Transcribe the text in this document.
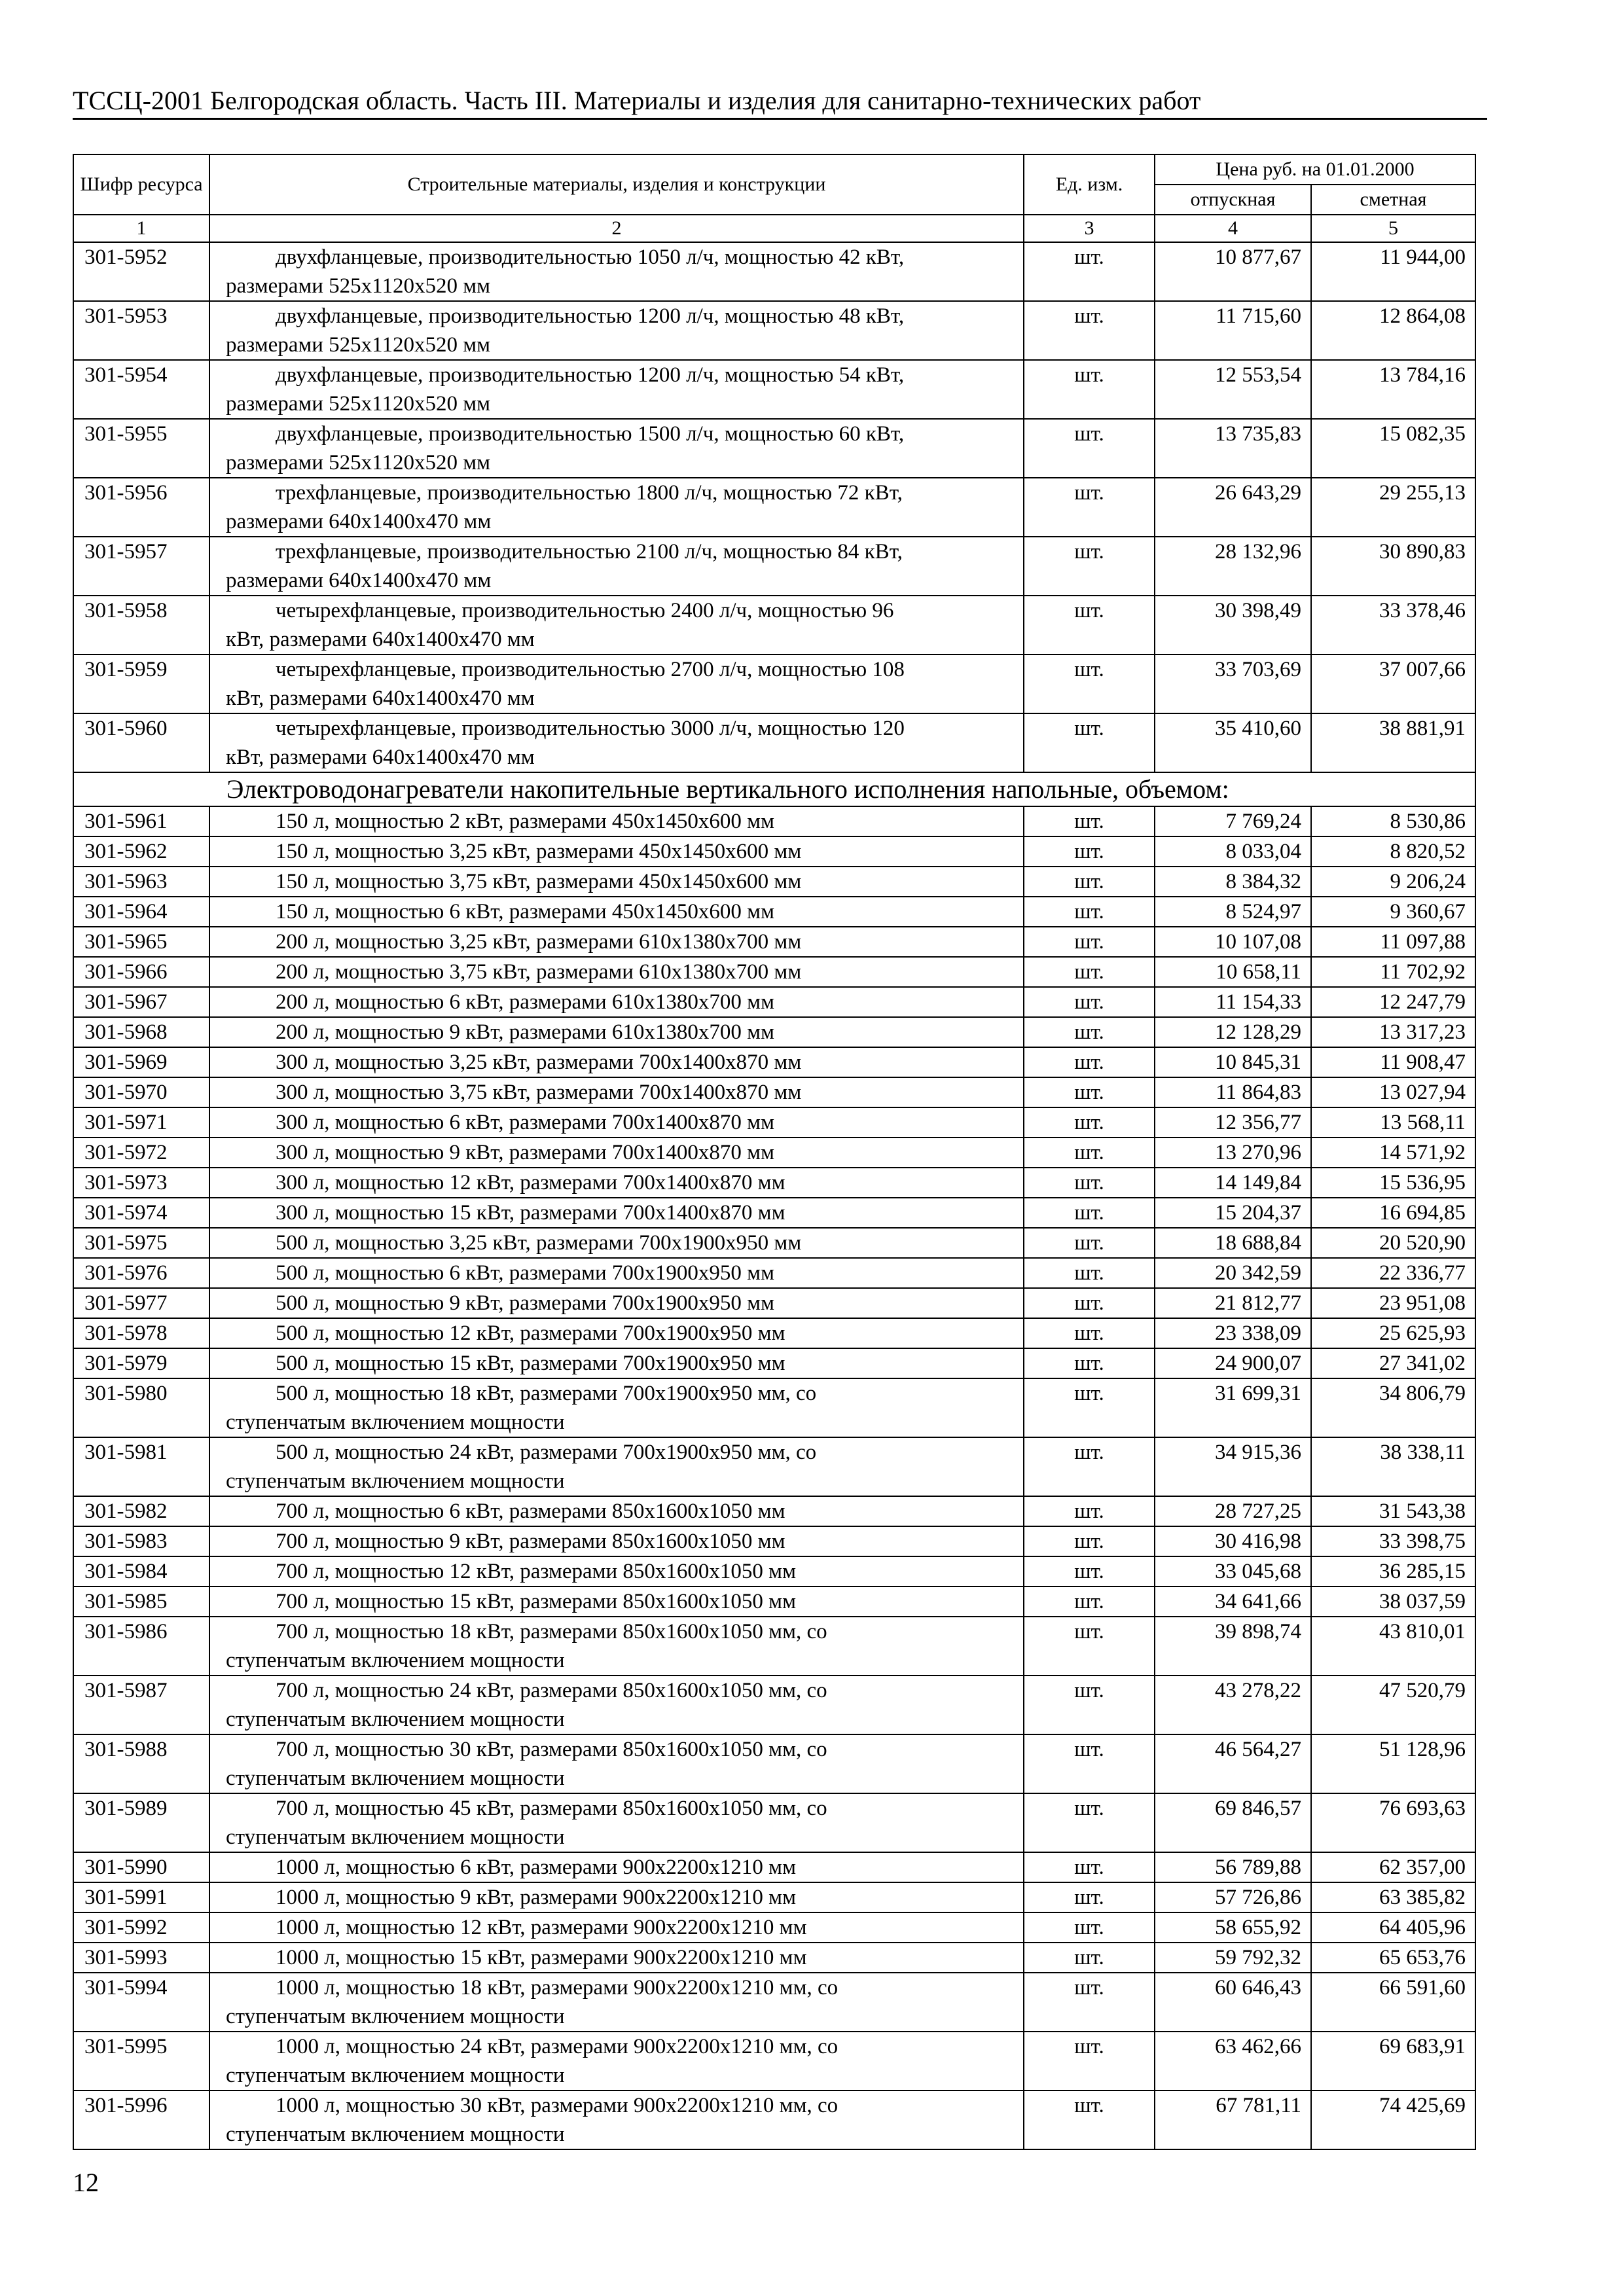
ТССЦ-2001 Белгородская область. Часть III. Материалы и изделия для санитарно-технических работ
Шифр ресурса	Строительные материалы, изделия и конструкции	Ед. изм.	Цена руб. на 01.01.2000	
			отпускная	сметная
1	2	3	4	5
301-5952	двухфланцевые, производительностью 1050 л/ч, мощностью 42 кВт,
размерами 525х1120х520 мм	шт.	10 877,67	11 944,00
301-5953	двухфланцевые, производительностью 1200 л/ч, мощностью 48 кВт,
размерами 525х1120х520 мм	шт.	11 715,60	12 864,08
301-5954	двухфланцевые, производительностью 1200 л/ч, мощностью 54 кВт,
размерами 525х1120х520 мм	шт.	12 553,54	13 784,16
301-5955	двухфланцевые, производительностью 1500 л/ч, мощностью 60 кВт,
размерами 525х1120х520 мм	шт.	13 735,83	15 082,35
301-5956	трехфланцевые, производительностью 1800 л/ч, мощностью 72 кВт,
размерами 640х1400х470 мм	шт.	26 643,29	29 255,13
301-5957	трехфланцевые, производительностью 2100 л/ч, мощностью 84 кВт,
размерами 640х1400х470 мм	шт.	28 132,96	30 890,83
301-5958	четырехфланцевые, производительностью 2400 л/ч, мощностью 96
кВт, размерами 640х1400х470 мм	шт.	30 398,49	33 378,46
301-5959	четырехфланцевые, производительностью 2700 л/ч, мощностью 108
кВт, размерами 640х1400х470 мм	шт.	33 703,69	37 007,66
301-5960	четырехфланцевые, производительностью 3000 л/ч, мощностью 120
кВт, размерами 640х1400х470 мм	шт.	35 410,60	38 881,91
Электроводонагреватели накопительные вертикального исполнения напольные, объемом:				
301-5961	150 л, мощностью 2 кВт, размерами 450х1450х600 мм	шт.	7 769,24	8 530,86
301-5962	150 л, мощностью 3,25 кВт, размерами 450х1450х600 мм	шт.	8 033,04	8 820,52
301-5963	150 л, мощностью 3,75 кВт, размерами 450х1450х600 мм	шт.	8 384,32	9 206,24
301-5964	150 л, мощностью 6 кВт, размерами 450х1450х600 мм	шт.	8 524,97	9 360,67
301-5965	200 л, мощностью 3,25 кВт, размерами 610х1380х700 мм	шт.	10 107,08	11 097,88
301-5966	200 л, мощностью 3,75 кВт, размерами 610х1380х700 мм	шт.	10 658,11	11 702,92
301-5967	200 л, мощностью 6 кВт, размерами 610х1380х700 мм	шт.	11 154,33	12 247,79
301-5968	200 л, мощностью 9 кВт, размерами 610х1380х700 мм	шт.	12 128,29	13 317,23
301-5969	300 л, мощностью 3,25 кВт, размерами 700х1400х870 мм	шт.	10 845,31	11 908,47
301-5970	300 л, мощностью 3,75 кВт, размерами 700х1400х870 мм	шт.	11 864,83	13 027,94
301-5971	300 л, мощностью 6 кВт, размерами 700х1400х870 мм	шт.	12 356,77	13 568,11
301-5972	300 л, мощностью 9 кВт, размерами 700х1400х870 мм	шт.	13 270,96	14 571,92
301-5973	300 л, мощностью 12 кВт, размерами 700х1400х870 мм	шт.	14 149,84	15 536,95
301-5974	300 л, мощностью 15 кВт, размерами 700х1400х870 мм	шт.	15 204,37	16 694,85
301-5975	500 л, мощностью 3,25 кВт, размерами 700х1900х950 мм	шт.	18 688,84	20 520,90
301-5976	500 л, мощностью 6 кВт, размерами 700х1900х950 мм	шт.	20 342,59	22 336,77
301-5977	500 л, мощностью 9 кВт, размерами 700х1900х950 мм	шт.	21 812,77	23 951,08
301-5978	500 л, мощностью 12 кВт, размерами 700х1900х950 мм	шт.	23 338,09	25 625,93
301-5979	500 л, мощностью 15 кВт, размерами 700х1900х950 мм	шт.	24 900,07	27 341,02
301-5980	500 л, мощностью 18 кВт, размерами 700х1900х950 мм, со
ступенчатым включением мощности	шт.	31 699,31	34 806,79
301-5981	500 л, мощностью 24 кВт, размерами 700х1900х950 мм, со
ступенчатым включением мощности	шт.	34 915,36	38 338,11
301-5982	700 л, мощностью 6 кВт, размерами 850х1600х1050 мм	шт.	28 727,25	31 543,38
301-5983	700 л, мощностью 9 кВт, размерами 850х1600х1050 мм	шт.	30 416,98	33 398,75
301-5984	700 л, мощностью 12 кВт, размерами 850х1600х1050 мм	шт.	33 045,68	36 285,15
301-5985	700 л, мощностью 15 кВт, размерами 850х1600х1050 мм	шт.	34 641,66	38 037,59
301-5986	700 л, мощностью 18 кВт, размерами 850х1600х1050 мм, со
ступенчатым включением мощности	шт.	39 898,74	43 810,01
301-5987	700 л, мощностью 24 кВт, размерами 850х1600х1050 мм, со
ступенчатым включением мощности	шт.	43 278,22	47 520,79
301-5988	700 л, мощностью 30 кВт, размерами 850х1600х1050 мм, со
ступенчатым включением мощности	шт.	46 564,27	51 128,96
301-5989	700 л, мощностью 45 кВт, размерами 850х1600х1050 мм, со
ступенчатым включением мощности	шт.	69 846,57	76 693,63
301-5990	1000 л, мощностью 6 кВт, размерами 900х2200х1210 мм	шт.	56 789,88	62 357,00
301-5991	1000 л, мощностью 9 кВт, размерами 900х2200х1210 мм	шт.	57 726,86	63 385,82
301-5992	1000 л, мощностью 12 кВт, размерами 900х2200х1210 мм	шт.	58 655,92	64 405,96
301-5993	1000 л, мощностью 15 кВт, размерами 900х2200х1210 мм	шт.	59 792,32	65 653,76
301-5994	1000 л, мощностью 18 кВт, размерами 900х2200х1210 мм, со
ступенчатым включением мощности	шт.	60 646,43	66 591,60
301-5995	1000 л, мощностью 24 кВт, размерами 900х2200х1210 мм, со
ступенчатым включением мощности	шт.	63 462,66	69 683,91
301-5996	1000 л, мощностью 30 кВт, размерами 900х2200х1210 мм, со
ступенчатым включением мощности	шт.	67 781,11	74 425,69
12
